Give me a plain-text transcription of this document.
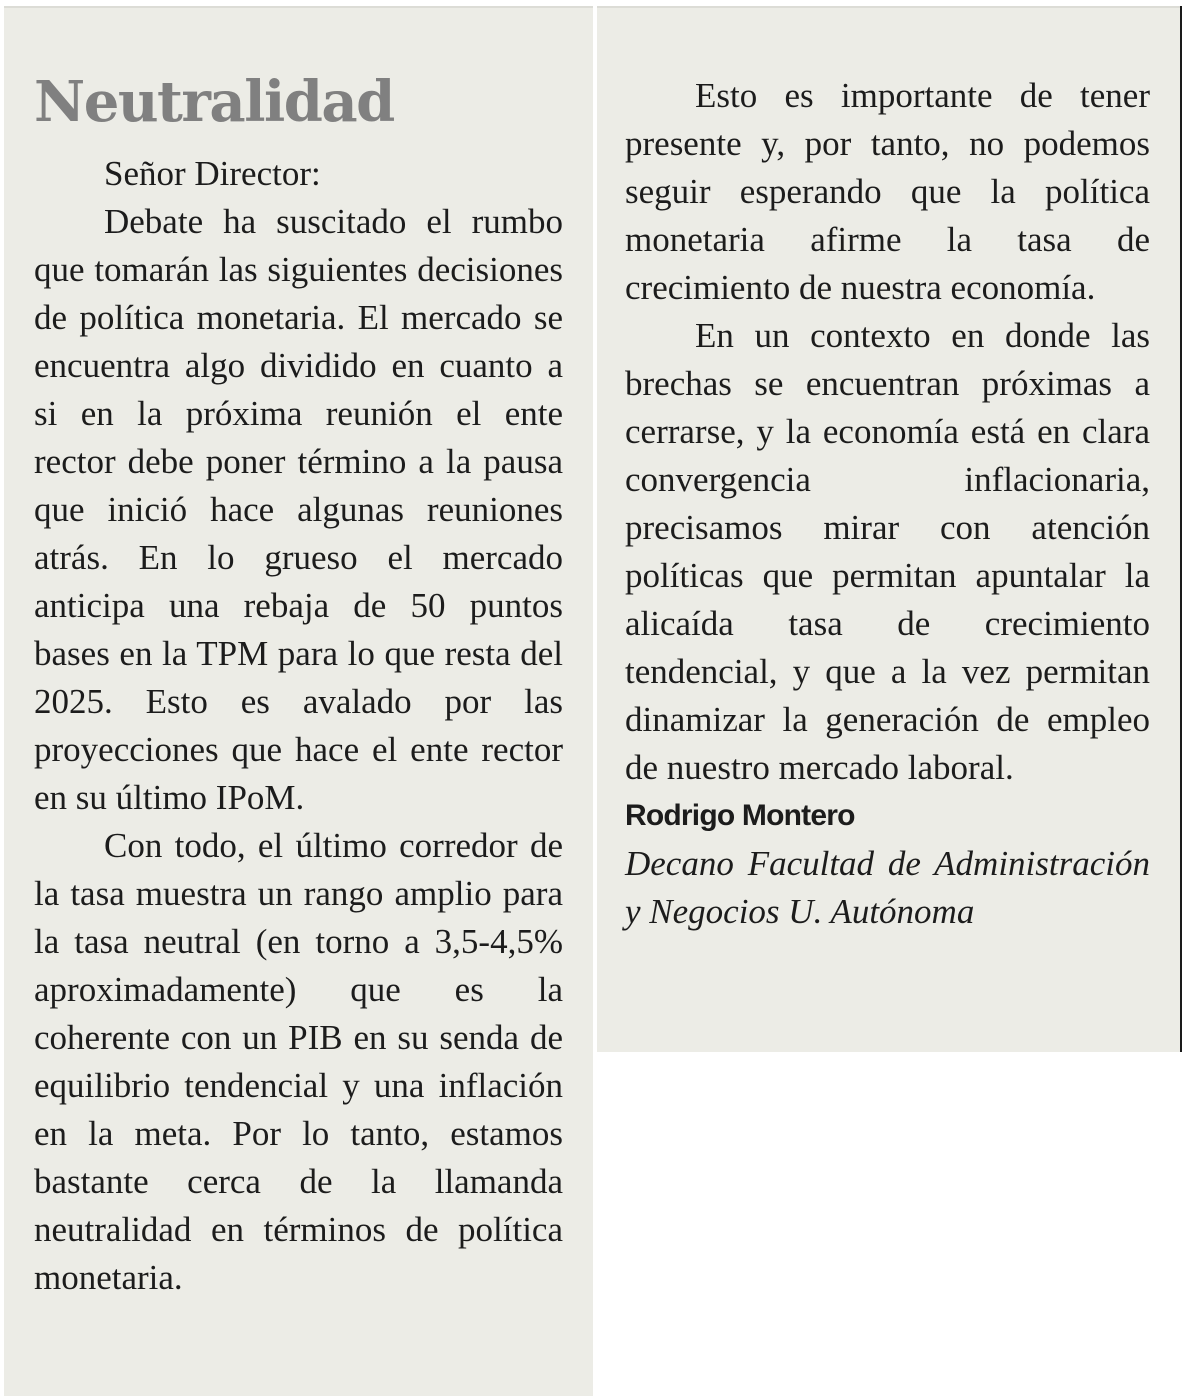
Neutralidad

Señor Director:

Debate ha suscitado el rumbo que tomarán las siguientes decisiones de política monetaria. El mercado se encuentra algo dividido en cuanto a si en la próxima reunión el ente rector debe poner término a la pausa que inició hace algunas reuniones atrás. En lo grueso el mercado anticipa una rebaja de 50 puntos bases en la TPM para lo que resta del 2025. Esto es avalado por las proyecciones que hace el ente rector en su último IPoM.

Con todo, el último corredor de la tasa muestra un rango amplio para la tasa neutral (en torno a 3,5-4,5% aproximadamente) que es la coherente con un PIB en su senda de equilibrio tendencial y una inflación en la meta. Por lo tanto, estamos bastante cerca de la llamanda neutralidad en términos de política monetaria.

Esto es importante de tener presente y, por tanto, no podemos seguir esperando que la política monetaria afirme la tasa de crecimiento de nuestra economía.

En un contexto en donde las brechas se encuentran próximas a cerrarse, y la economía está en clara convergencia inflacionaria, precisamos mirar con atención políticas que permitan apuntalar la alicaída tasa de crecimiento tendencial, y que a la vez permitan dinamizar la generación de empleo de nuestro mercado laboral.

Rodrigo Montero
Decano Facultad de Administración y Negocios U. Autónoma
